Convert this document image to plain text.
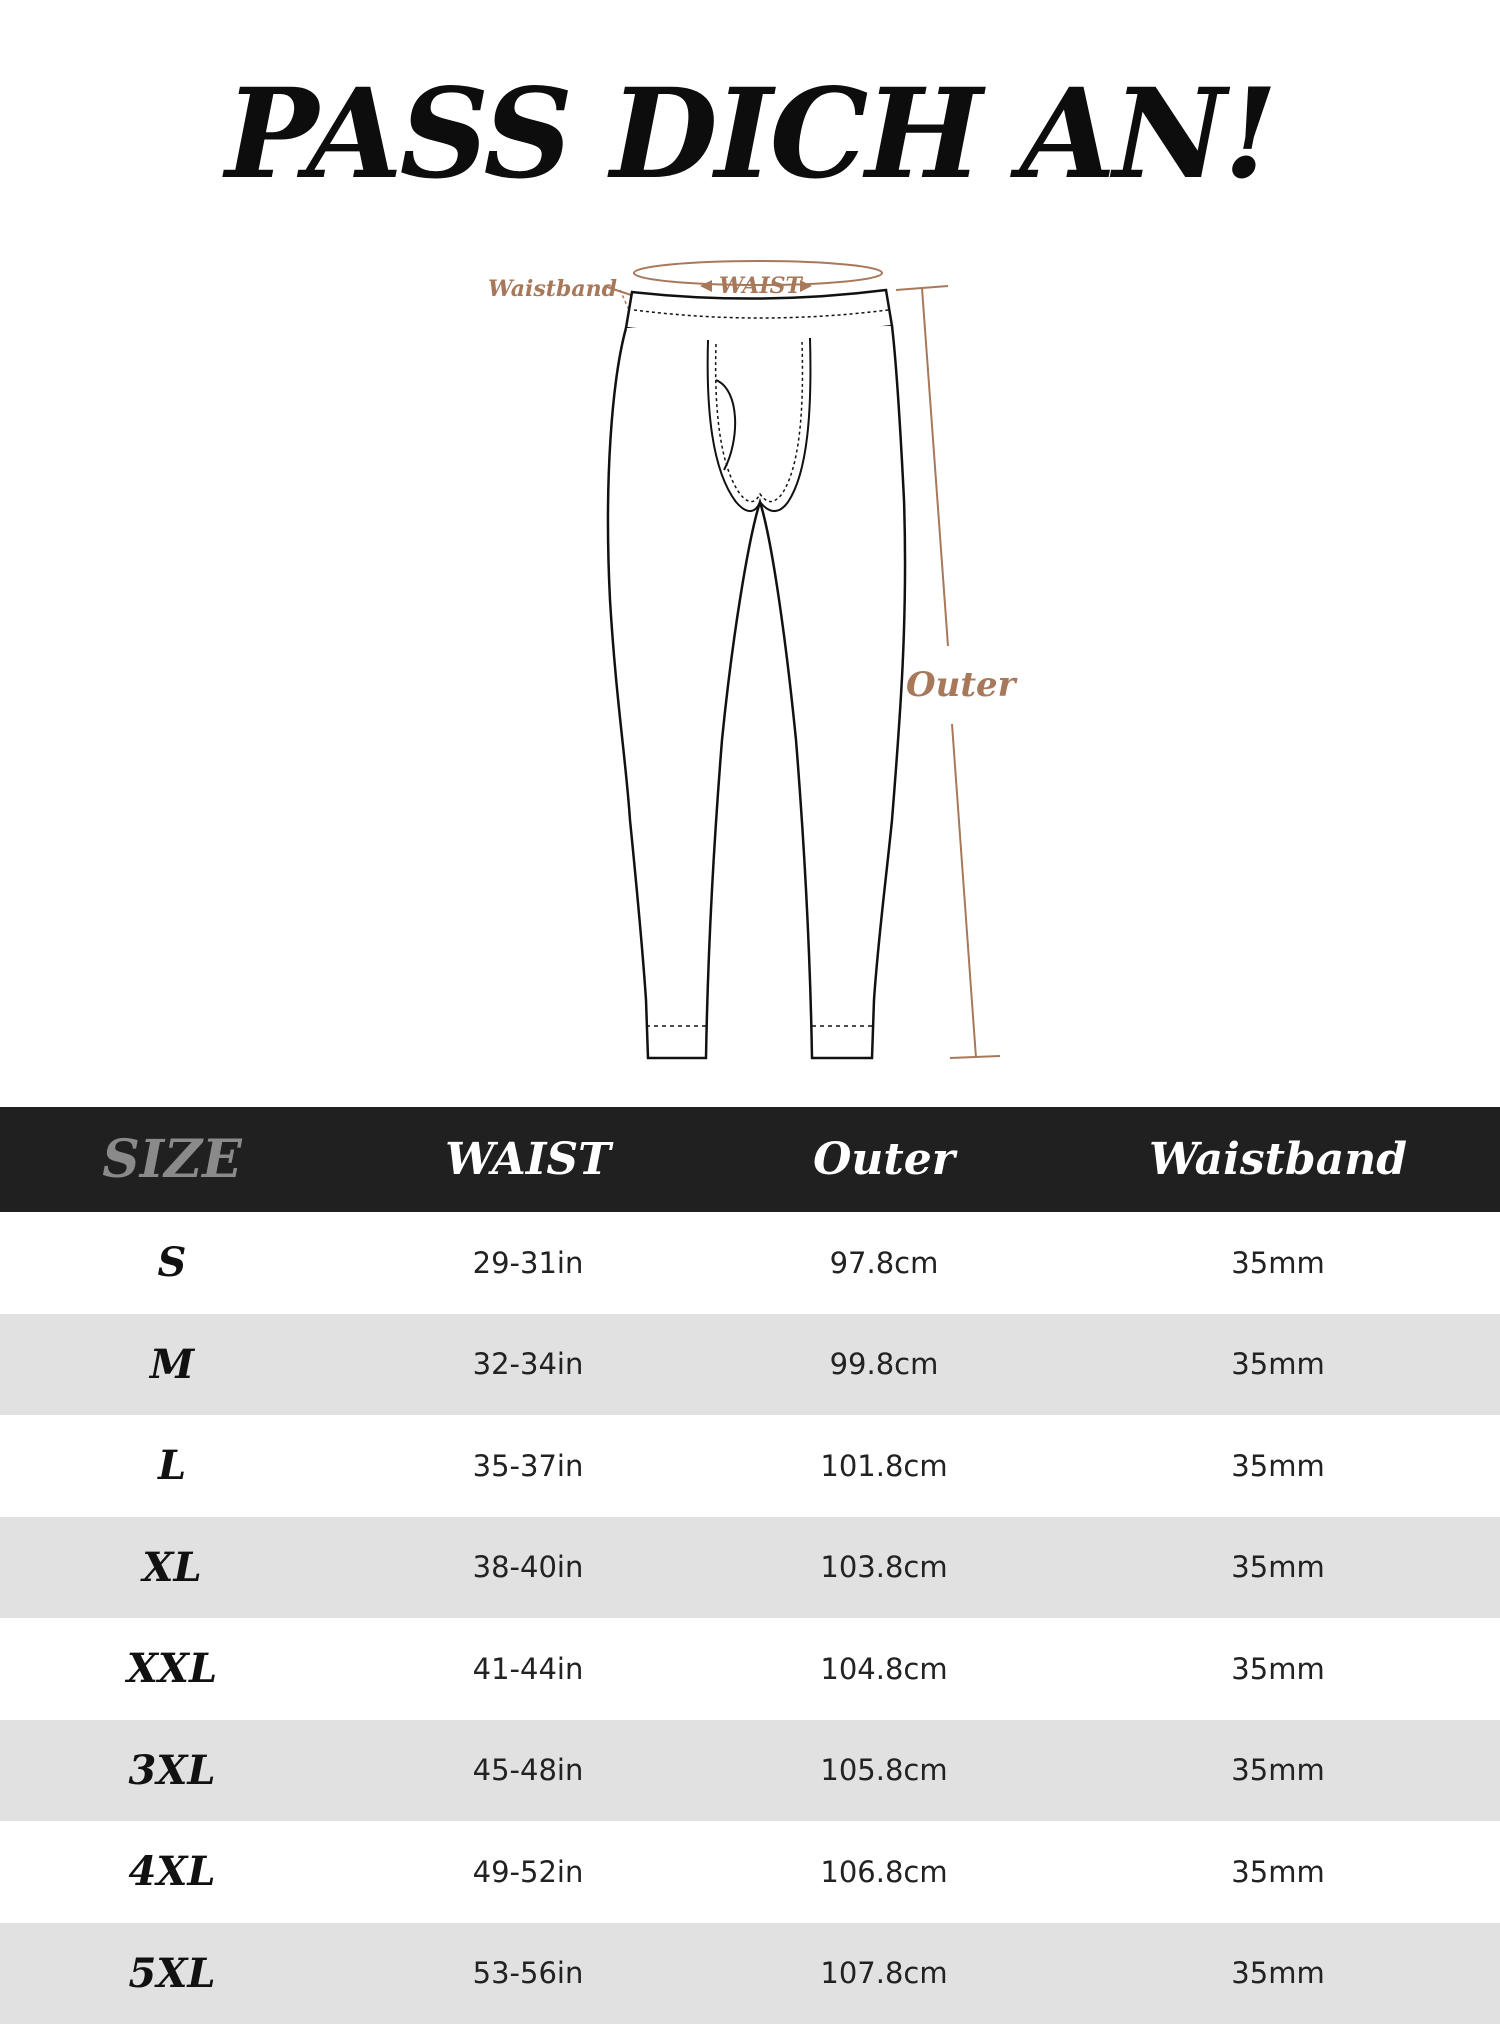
PASS DICH AN!
Waistband	WAIST
Outer
SIZE	WAIST	Outer	Waistband
S	29-31in	97.8cm	35mm
M	32-34in	99.8cm	35mm
L	35-37in	101.8cm	35mm
XL	38-40in	103.8cm	35mm
XXL	41-44in	104.8cm	35mm
3XL	45-48in	105.8cm	35mm
4XL	49-52in	106.8cm	35mm
5XL	53-56in	107.8cm	35mm
